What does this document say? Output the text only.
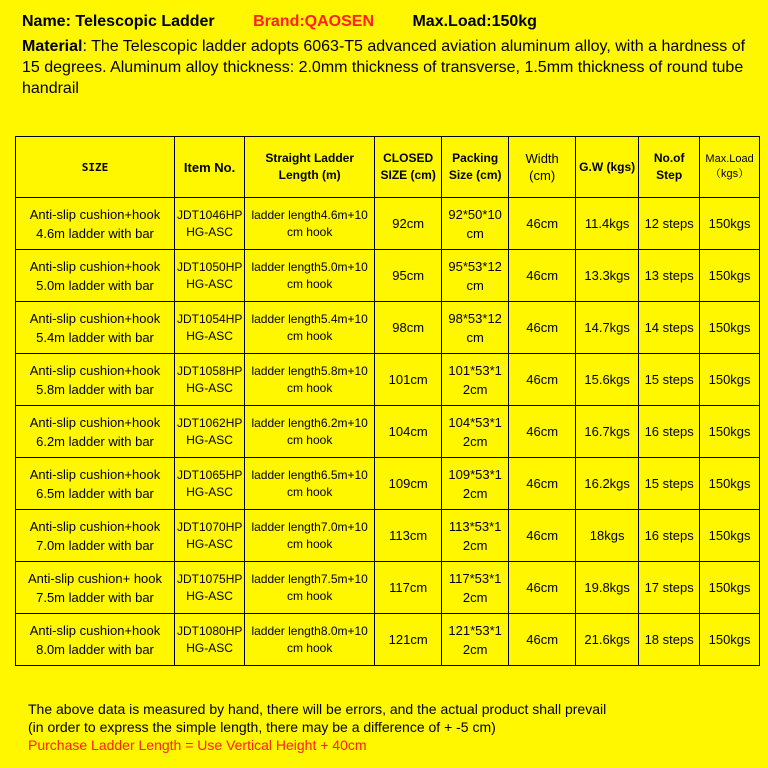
Name: Telescopic Ladder Brand:QAOSEN Max.Load:150kg
Material: The Telescopic ladder adopts 6063-T5 advanced aviation aluminum alloy, with a hardness of 15 degrees. Aluminum alloy thickness: 2.0mm thickness of transverse, 1.5mm thickness of round tube handrail
SIZE	Item No.	Straight Ladder Length (m)	CLOSED SIZE (cm)	Packing Size (cm)	Width (cm)	G.W (kgs)	No.of Step	Max.Load （kgs）
Anti-slip cushion+hook 4.6m ladder with bar	JDT1046HP HG-ASC	ladder length4.6m+10 cm hook	92cm	92*50*10 cm	46cm	11.4kgs	12 steps	150kgs
Anti-slip cushion+hook 5.0m ladder with bar	JDT1050HP HG-ASC	ladder length5.0m+10 cm hook	95cm	95*53*12 cm	46cm	13.3kgs	13 steps	150kgs
Anti-slip cushion+hook 5.4m ladder with bar	JDT1054HP HG-ASC	ladder length5.4m+10 cm hook	98cm	98*53*12 cm	46cm	14.7kgs	14 steps	150kgs
Anti-slip cushion+hook 5.8m ladder with bar	JDT1058HP HG-ASC	ladder length5.8m+10 cm hook	101cm	101*53*1 2cm	46cm	15.6kgs	15 steps	150kgs
Anti-slip cushion+hook 6.2m ladder with bar	JDT1062HP HG-ASC	ladder length6.2m+10 cm hook	104cm	104*53*1 2cm	46cm	16.7kgs	16 steps	150kgs
Anti-slip cushion+hook 6.5m ladder with bar	JDT1065HP HG-ASC	ladder length6.5m+10 cm hook	109cm	109*53*1 2cm	46cm	16.2kgs	15 steps	150kgs
Anti-slip cushion+hook 7.0m ladder with bar	JDT1070HP HG-ASC	ladder length7.0m+10 cm hook	113cm	113*53*1 2cm	46cm	18kgs	16 steps	150kgs
Anti-slip cushion+ hook 7.5m ladder with bar	JDT1075HP HG-ASC	ladder length7.5m+10 cm hook	117cm	117*53*1 2cm	46cm	19.8kgs	17 steps	150kgs
Anti-slip cushion+hook 8.0m ladder with bar	JDT1080HP HG-ASC	ladder length8.0m+10 cm hook	121cm	121*53*1 2cm	46cm	21.6kgs	18 steps	150kgs
The above data is measured by hand, there will be errors, and the actual product shall prevail
(in order to express the simple length, there may be a difference of + -5 cm)
Purchase Ladder Length = Use Vertical Height + 40cm
